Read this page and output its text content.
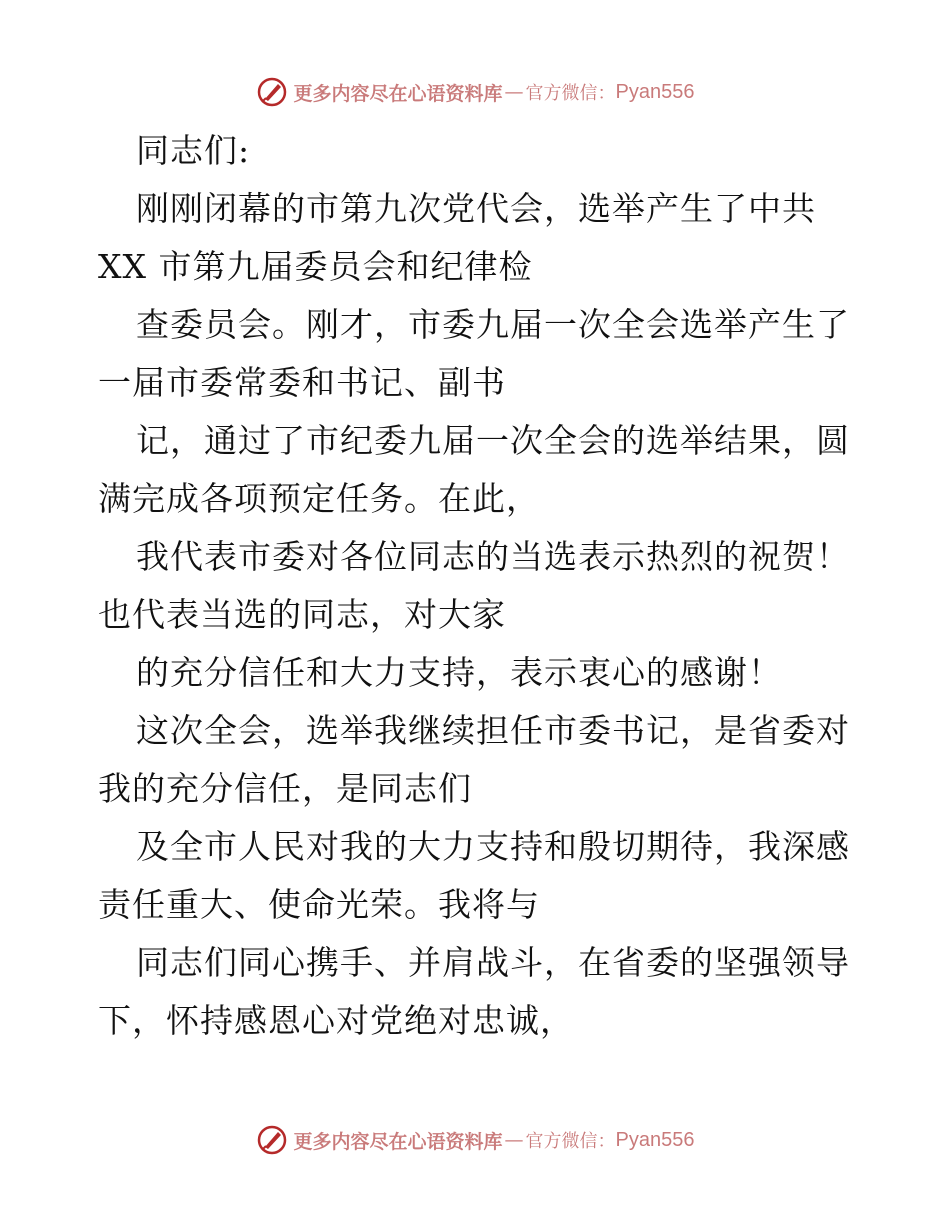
更多内容尽在心语资料库 — 官方微信： Pyan556
同志们:
刚刚闭幕的市第九次党代会，选举产生了中共
XX 市第九届委员会和纪律检
查委员会。刚才，市委九届一次全会选举产生了
一届市委常委和书记、副书
记，通过了市纪委九届一次全会的选举结果，圆
满完成各项预定任务。在此，
我代表市委对各位同志的当选表示热烈的祝贺！
也代表当选的同志，对大家
的充分信任和大力支持，表示衷心的感谢！
这次全会，选举我继续担任市委书记，是省委对
我的充分信任，是同志们
及全市人民对我的大力支持和殷切期待，我深感
责任重大、使命光荣。我将与
同志们同心携手、并肩战斗，在省委的坚强领导
下，怀持感恩心对党绝对忠诚，
更多内容尽在心语资料库 — 官方微信： Pyan556
